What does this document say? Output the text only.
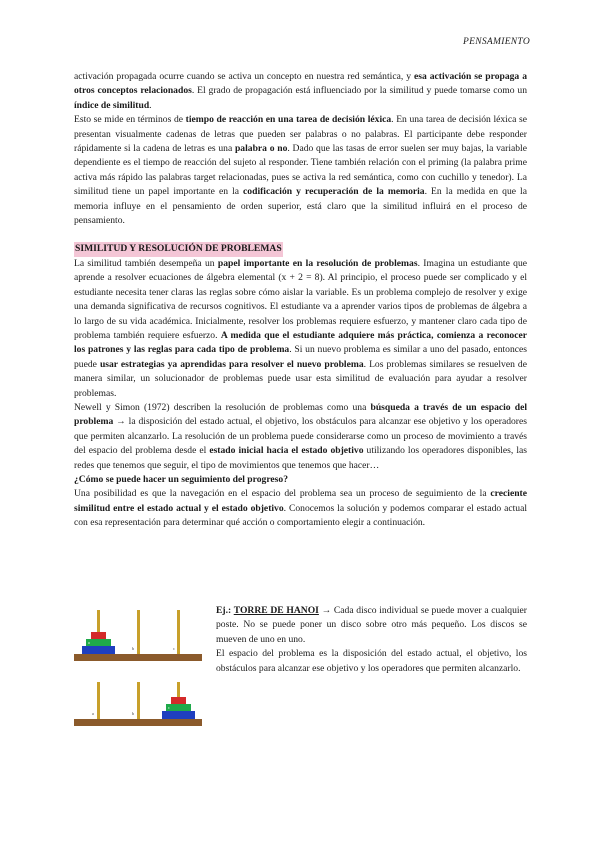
PENSAMIENTO

activación propagada ocurre cuando se activa un concepto en nuestra red semántica, y esa activación se propaga a otros conceptos relacionados. El grado de propagación está influenciado por la similitud y puede tomarse como un índice de similitud.

Esto se mide en términos de tiempo de reacción en una tarea de decisión léxica. En una tarea de decisión léxica se presentan visualmente cadenas de letras que pueden ser palabras o no palabras. El participante debe responder rápidamente si la cadena de letras es una palabra o no. Dado que las tasas de error suelen ser muy bajas, la variable dependiente es el tiempo de reacción del sujeto al responder. Tiene también relación con el priming (la palabra prime activa más rápido las palabras target relacionadas, pues se activa la red semántica, como con cuchillo y tenedor). La similitud tiene un papel importante en la codificación y recuperación de la memoria. En la medida en que la memoria influye en el pensamiento de orden superior, está claro que la similitud influirá en el proceso de pensamiento.

SIMILITUD Y RESOLUCIÓN DE PROBLEMAS

La similitud también desempeña un papel importante en la resolución de problemas. Imagina un estudiante que aprende a resolver ecuaciones de álgebra elemental (x + 2 = 8). Al principio, el proceso puede ser complicado y el estudiante necesita tener claras las reglas sobre cómo aislar la variable. Es un problema complejo de resolver y exige una demanda significativa de recursos cognitivos. El estudiante va a aprender varios tipos de problemas de álgebra a lo largo de su vida académica. Inicialmente, resolver los problemas requiere esfuerzo, y mantener claro cada tipo de problema también requiere esfuerzo. A medida que el estudiante adquiere más práctica, comienza a reconocer los patrones y las reglas para cada tipo de problema. Si un nuevo problema es similar a uno del pasado, entonces puede usar estrategias ya aprendidas para resolver el nuevo problema. Los problemas similares se resuelven de manera similar, un solucionador de problemas puede usar esta similitud de evaluación para ayudar a resolver problemas.

Newell y Simon (1972) describen la resolución de problemas como una búsqueda a través de un espacio del problema → la disposición del estado actual, el objetivo, los obstáculos para alcanzar ese objetivo y los operadores que permiten alcanzarlo. La resolución de un problema puede considerarse como un proceso de movimiento a través del espacio del problema desde el estado inicial hacia el estado objetivo utilizando los operadores disponibles, las redes que tenemos que seguir, el tipo de movimientos que tenemos que hacer…

¿Cómo se puede hacer un seguimiento del progreso?

Una posibilidad es que la navegación en el espacio del problema sea un proceso de seguimiento de la creciente similitud entre el estado actual y el estado objetivo. Conocemos la solución y podemos comparar el estado actual con esa representación para determinar qué acción o comportamiento elegir a continuación.

a
b	c
a	b
c

Ej.: TORRE DE HANOI → Cada disco individual se puede mover a cualquier poste. No se puede poner un disco sobre otro más pequeño. Los discos se mueven de uno en uno.

El espacio del problema es la disposición del estado actual, el objetivo, los obstáculos para alcanzar ese objetivo y los operadores que permiten alcanzarlo.
